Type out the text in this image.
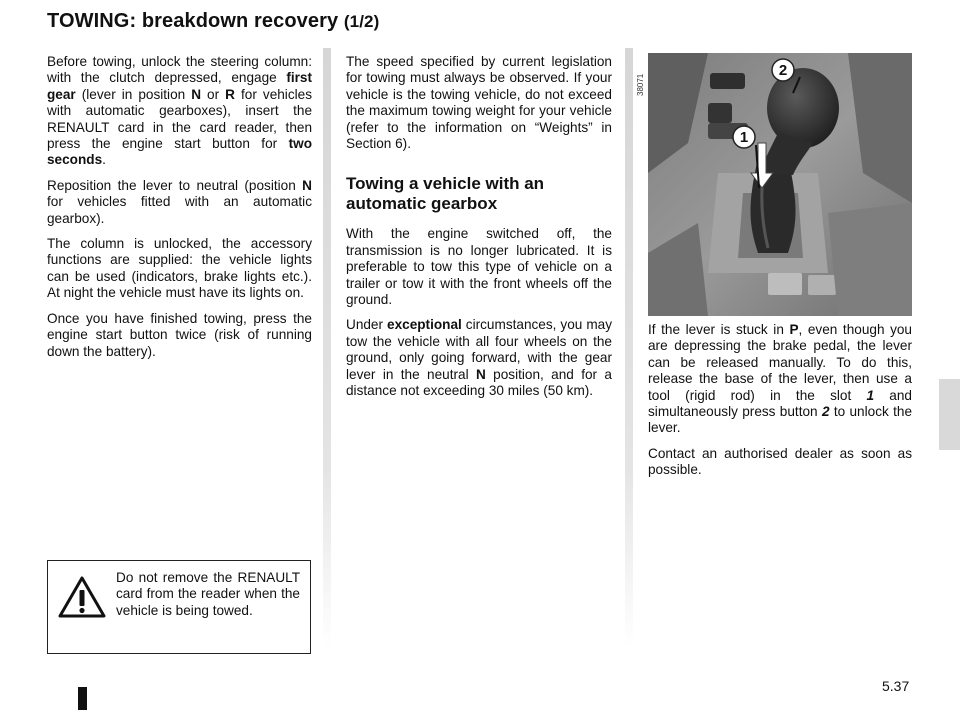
TOWING: breakdown recovery (1/2)

Before towing, unlock the steering column: with the clutch depressed, engage first gear (lever in position N or R for vehicles with automatic gearboxes), insert the RENAULT card in the card reader, then press the engine start button for two seconds.

Reposition the lever to neutral (position N for vehicles fitted with an automatic gearbox).

The column is unlocked, the accessory functions are supplied: the vehicle lights can be used (indicators, brake lights etc.). At night the vehicle must have its lights on.

Once you have finished towing, press the engine start button twice (risk of running down the battery).

The speed specified by current legislation for towing must always be observed. If your vehicle is the towing vehicle, do not exceed the maximum towing weight for your vehicle (refer to the information on “Weights” in Section 6).

Towing a vehicle with an automatic gearbox

With the engine switched off, the transmission is no longer lubricated. It is preferable to tow this type of vehicle on a trailer or tow it with the front wheels off the ground.

Under exceptional circumstances, you may tow the vehicle with all four wheels on the ground, only going forward, with the gear lever in the neutral N position, and for a distance not exceeding 30 miles (50 km).

38071
2
1

If the lever is stuck in P, even though you are depressing the brake pedal, the lever can be released manually. To do this, release the base of the lever, then use a tool (rigid rod) in the slot 1 and simultaneously press button 2 to unlock the lever.

Contact an authorised dealer as soon as possible.

Do not remove the RENAULT card from the reader when the vehicle is being towed.
5.37
